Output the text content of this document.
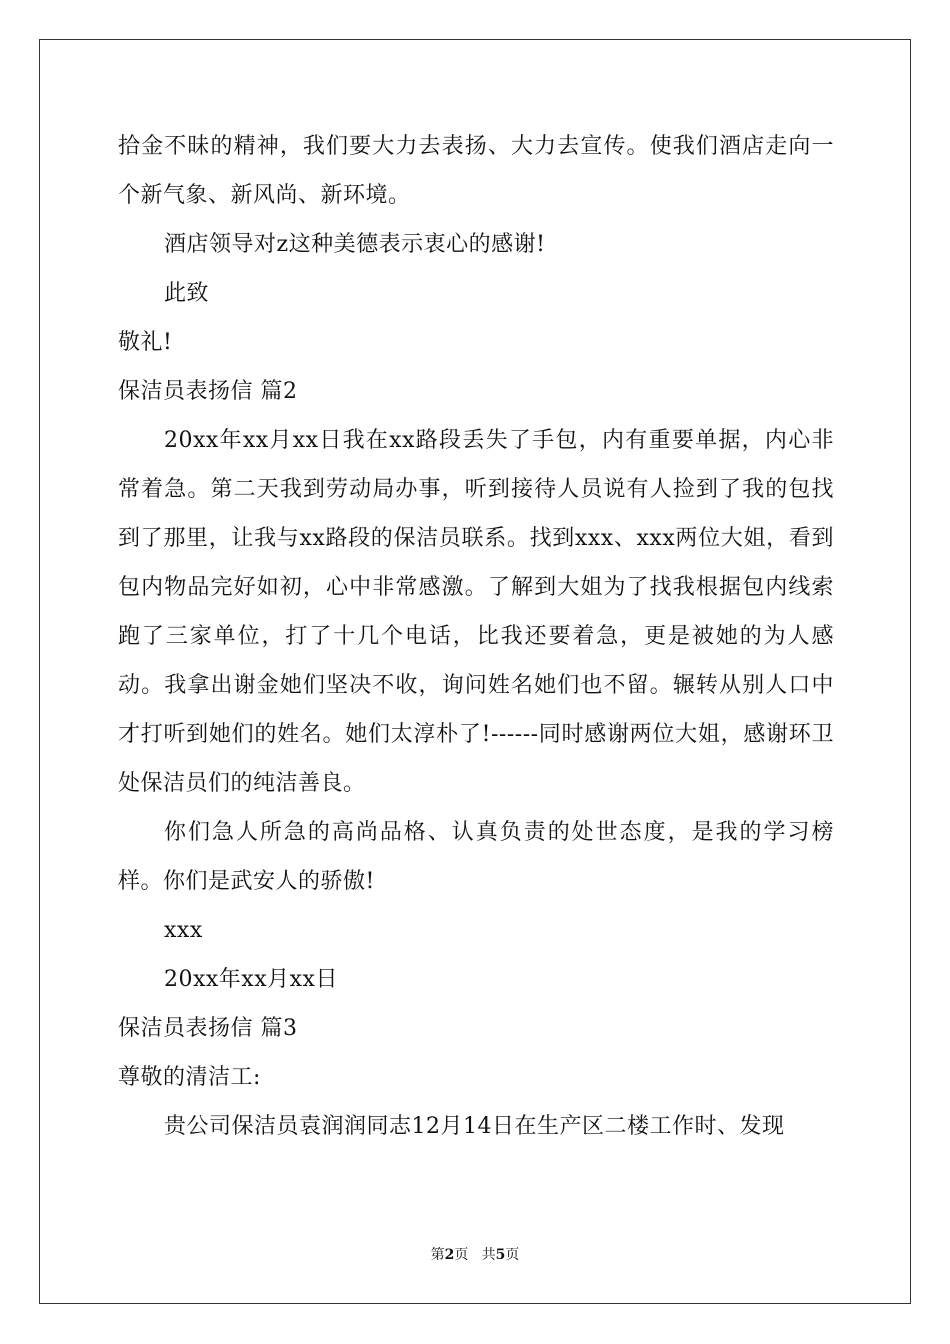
拾金不昧的精神，我们要大力去表扬、大力去宣传。使我们酒店走向一个新气象、新风尚、新环境。

酒店领导对z这种美德表示衷心的感谢!

此致

敬礼!

保洁员表扬信 篇2

20xx年xx月xx日我在xx路段丢失了手包，内有重要单据，内心非常着急。第二天我到劳动局办事，听到接待人员说有人捡到了我的包找到了那里，让我与xx路段的保洁员联系。找到xxx、xxx两位大姐，看到包内物品完好如初，心中非常感激。了解到大姐为了找我根据包内线索跑了三家单位，打了十几个电话，比我还要着急，更是被她的为人感动。我拿出谢金她们坚决不收，询问姓名她们也不留。辗转从别人口中才打听到她们的姓名。她们太淳朴了!------同时感谢两位大姐，感谢环卫处保洁员们的纯洁善良。

你们急人所急的高尚品格、认真负责的处世态度，是我的学习榜样。你们是武安人的骄傲!

xxx

20xx年xx月xx日

保洁员表扬信 篇3

尊敬的清洁工:

贵公司保洁员袁润润同志12月14日在生产区二楼工作时、发现

第2页 共5页
